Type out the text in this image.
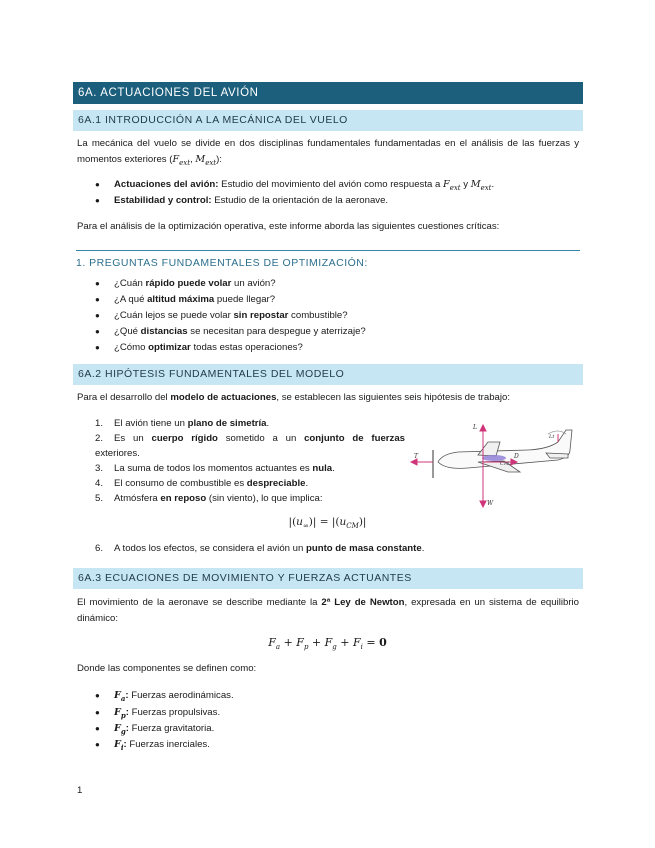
6A. ACTUACIONES DEL AVIÓN
6A.1 INTRODUCCIÓN A LA MECÁNICA DEL VUELO
La mecánica del vuelo se divide en dos disciplinas fundamentales fundamentadas en el análisis de las fuerzas y momentos exteriores ($F_{ext}$, $M_{ext}$):
● Actuaciones del avión: Estudio del movimiento del avión como respuesta a $F_{ext}$ y $M_{ext}$.
● Estabilidad y control: Estudio de la orientación de la aeronave.
Para el análisis de la optimización operativa, este informe aborda las siguientes cuestiones críticas:
1. PREGUNTAS FUNDAMENTALES DE OPTIMIZACIÓN:
● ¿Cuán rápido puede volar un avión?
● ¿A qué altitud máxima puede llegar?
● ¿Cuán lejos se puede volar sin repostar combustible?
● ¿Qué distancias se necesitan para despegue y aterrizaje?
● ¿Cómo optimizar todas estas operaciones?
6A.2 HIPÓTESIS FUNDAMENTALES DEL MODELO
Para el desarrollo del modelo de actuaciones, se establecen las siguientes seis hipótesis de trabajo:
1. El avión tiene un plano de simetría.
2. Es un cuerpo rígido sometido a un conjunto de fuerzas exteriores.
3. La suma de todos los momentos actuantes es nula.
4. El consumo de combustible es despreciable.
5. Atmósfera en reposo (sin viento), lo que implica:
L
T
W
D
CM
Lt
$|(u_\infty)| = |(u_{CM})|$
6. A todos los efectos, se considera el avión un punto de masa constante.
6A.3 ECUACIONES DE MOVIMIENTO Y FUERZAS ACTUANTES
El movimiento de la aeronave se describe mediante la 2ª Ley de Newton, expresada en un sistema de equilibrio dinámico:
$F_a + F_p + F_g + F_i = 0$
Donde las componentes se definen como:
● $F_a$: Fuerzas aerodinámicas.
● $F_p$: Fuerzas propulsivas.
● $F_g$: Fuerza gravitatoria.
● $F_i$: Fuerzas inerciales.
1
